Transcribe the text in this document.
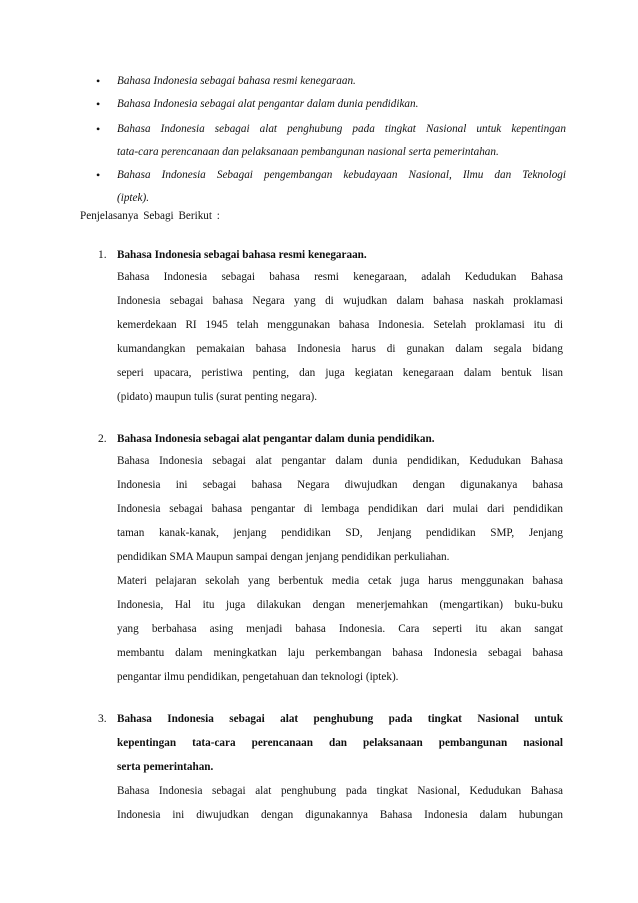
•	Bahasa Indonesia sebagai bahasa resmi kenegaraan.
•	Bahasa Indonesia sebagai alat pengantar dalam dunia pendidikan.
•	Bahasa Indonesia sebagai alat penghubung pada tingkat Nasional untuk kepentingan
tata-cara perencanaan dan pelaksanaan pembangunan nasional serta pemerintahan.
•	Bahasa Indonesia Sebagai pengembangan kebudayaan Nasional, Ilmu dan Teknologi
(iptek).
Penjelasanya Sebagi Berikut :
1. Bahasa Indonesia sebagai bahasa resmi kenegaraan.
Bahasa Indonesia sebagai bahasa resmi kenegaraan, adalah Kedudukan Bahasa
Indonesia sebagai bahasa Negara yang di wujudkan dalam bahasa naskah proklamasi
kemerdekaan RI 1945 telah menggunakan bahasa Indonesia. Setelah proklamasi itu di
kumandangkan pemakaian bahasa Indonesia harus di gunakan dalam segala bidang
seperi upacara, peristiwa penting, dan juga kegiatan kenegaraan dalam bentuk lisan
(pidato) maupun tulis (surat penting negara).
2. Bahasa Indonesia sebagai alat pengantar dalam dunia pendidikan.
Bahasa Indonesia sebagai alat pengantar dalam dunia pendidikan, Kedudukan Bahasa
Indonesia ini sebagai bahasa Negara diwujudkan dengan digunakanya bahasa
Indonesia sebagai bahasa pengantar di lembaga pendidikan dari mulai dari pendidikan
taman kanak-kanak, jenjang pendidikan SD, Jenjang pendidikan SMP, Jenjang
pendidikan SMA Maupun sampai dengan jenjang pendidikan perkuliahan.
Materi pelajaran sekolah yang berbentuk media cetak juga harus menggunakan bahasa
Indonesia, Hal itu juga dilakukan dengan menerjemahkan (mengartikan) buku-buku
yang berbahasa asing menjadi bahasa Indonesia. Cara seperti itu akan sangat
membantu dalam meningkatkan laju perkembangan bahasa Indonesia sebagai bahasa
pengantar ilmu pendidikan, pengetahuan dan teknologi (iptek).
3. Bahasa Indonesia sebagai alat penghubung pada tingkat Nasional untuk
kepentingan tata-cara perencanaan dan pelaksanaan pembangunan nasional
serta pemerintahan.
Bahasa Indonesia sebagai alat penghubung pada tingkat Nasional, Kedudukan Bahasa
Indonesia ini diwujudkan dengan digunakannya Bahasa Indonesia dalam hubungan
